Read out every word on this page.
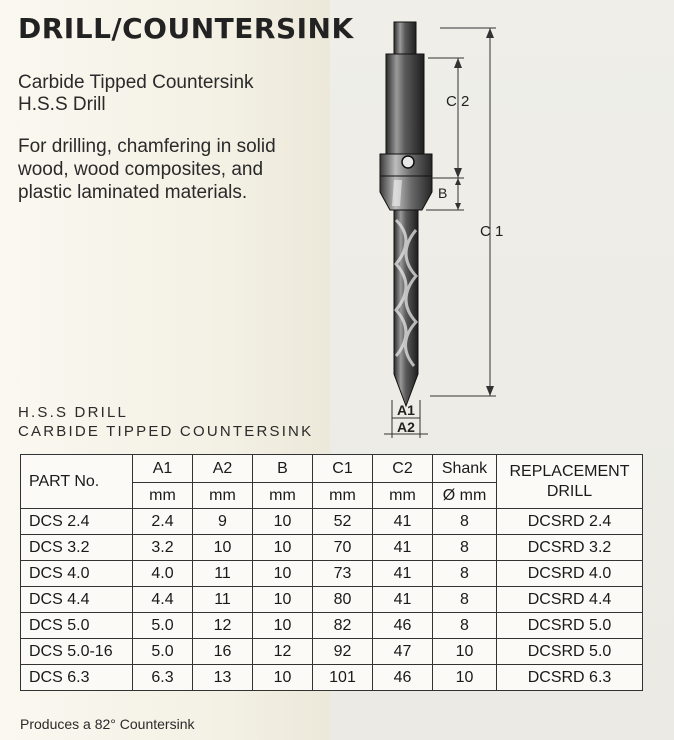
DRILL/COUNTERSINK
Carbide Tipped Countersink
H.S.S Drill
For drilling, chamfering in solid
wood, wood composites, and
plastic laminated materials.
H.S.S DRILL
CARBIDE TIPPED COUNTERSINK
C 1
C 2
B
A1
A2
PART No.	A1	A2	B	C1	C2	Shank	REPLACEMENT DRILL
	mm	mm	mm	mm	mm	Ø mm	
DCS 2.4	2.4	9	10	52	41	8	DCSRD 2.4
DCS 3.2	3.2	10	10	70	41	8	DCSRD 3.2
DCS 4.0	4.0	11	10	73	41	8	DCSRD 4.0
DCS 4.4	4.4	11	10	80	41	8	DCSRD 4.4
DCS 5.0	5.0	12	10	82	46	8	DCSRD 5.0
DCS 5.0-16	5.0	16	12	92	47	10	DCSRD 5.0
DCS 6.3	6.3	13	10	101	46	10	DCSRD 6.3
Produces a 82° Countersink
